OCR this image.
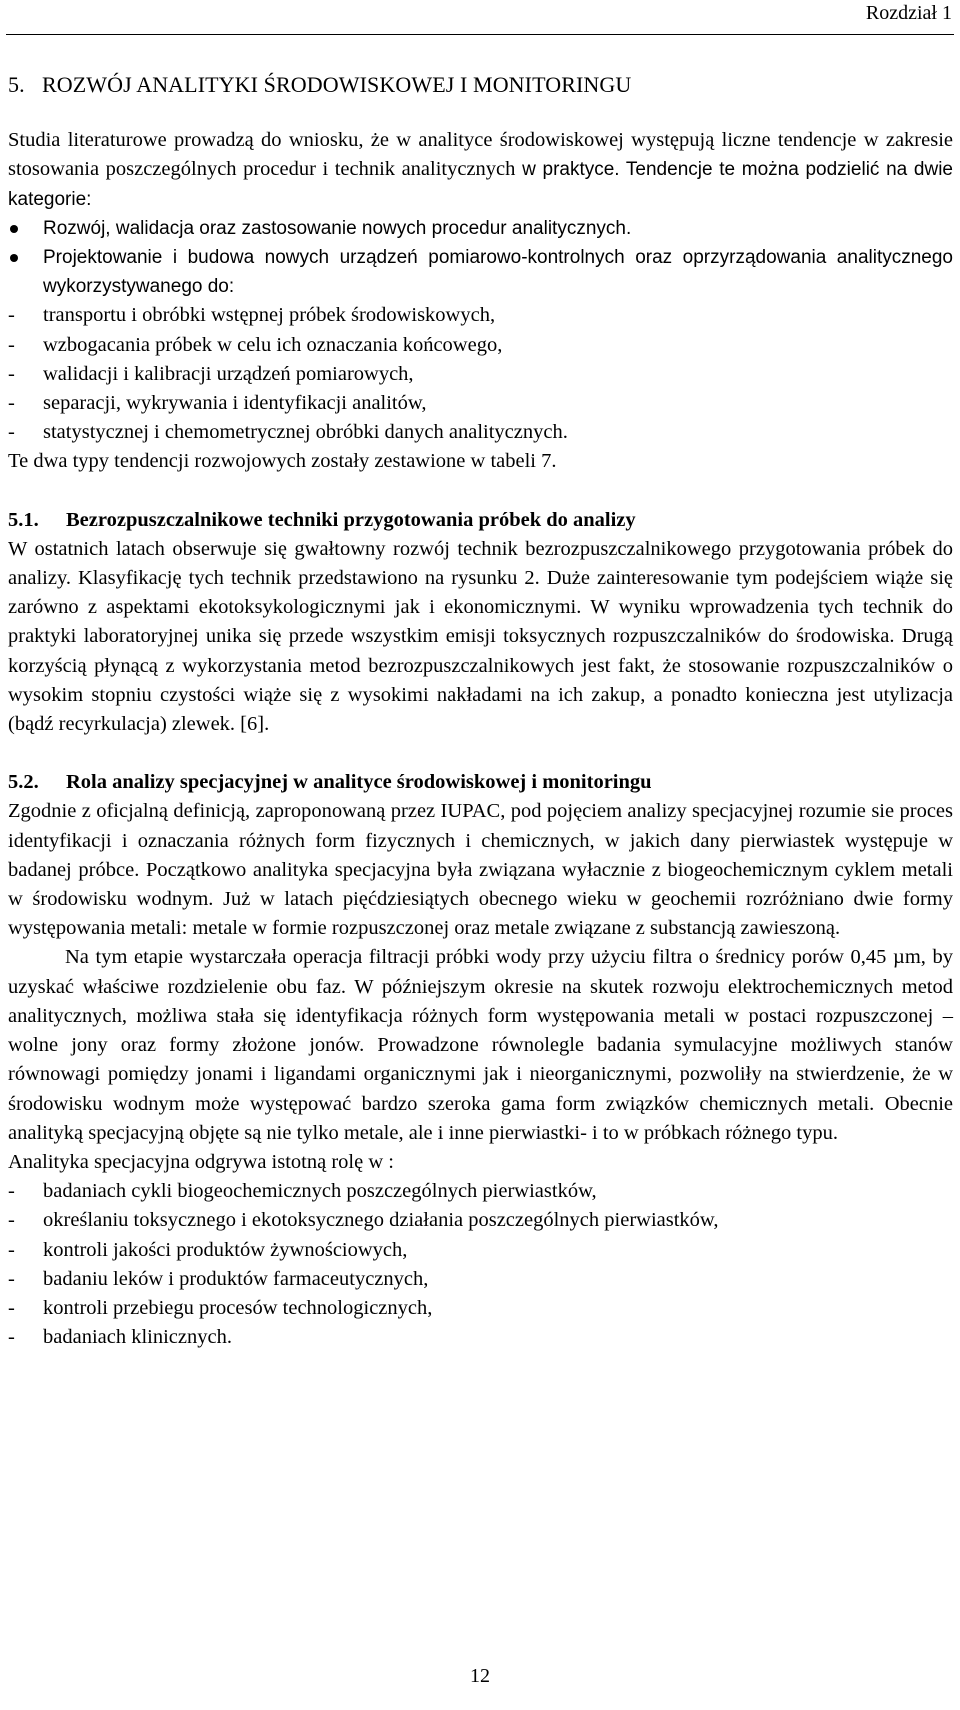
Rozdział 1
5. ROZWÓJ ANALITYKI ŚRODOWISKOWEJ I MONITORINGU

Studia literaturowe prowadzą do wniosku, że w analityce środowiskowej występują liczne tendencje w zakresie stosowania poszczególnych procedur i technik analitycznych w praktyce. Tendencje te można podzielić na dwie kategorie:

Rozwój, walidacja oraz zastosowanie nowych procedur analitycznych.
Projektowanie i budowa nowych urządzeń pomiarowo-kontrolnych oraz oprzyrządowania analitycznego wykorzystywanego do:
- transportu i obróbki wstępnej próbek środowiskowych,
- wzbogacania próbek w celu ich oznaczania końcowego,
- walidacji i kalibracji urządzeń pomiarowych,
- separacji, wykrywania i identyfikacji analitów,
- statystycznej i chemometrycznej obróbki danych analitycznych.

Te dwa typy tendencji rozwojowych zostały zestawione w tabeli 7.

5.1. Bezrozpuszczalnikowe techniki przygotowania próbek do analizy

W ostatnich latach obserwuje się gwałtowny rozwój technik bezrozpuszczalnikowego przygotowania próbek do analizy. Klasyfikację tych technik przedstawiono na rysunku 2. Duże zainteresowanie tym podejściem wiąże się zarówno z aspektami ekotoksykologicznymi jak i ekonomicznymi. W wyniku wprowadzenia tych technik do praktyki laboratoryjnej unika się przede wszystkim emisji toksycznych rozpuszczalników do środowiska. Drugą korzyścią płynącą z wykorzystania metod bezrozpuszczalnikowych jest fakt, że stosowanie rozpuszczalników o wysokim stopniu czystości wiąże się z wysokimi nakładami na ich zakup, a ponadto konieczna jest utylizacja (bądź recyrkulacja) zlewek. [6].

5.2. Rola analizy specjacyjnej w analityce środowiskowej i monitoringu

Zgodnie z oficjalną definicją, zaproponowaną przez IUPAC, pod pojęciem analizy specjacyjnej rozumie sie proces identyfikacji i oznaczania różnych form fizycznych i chemicznych, w jakich dany pierwiastek występuje w badanej próbce. Początkowo analityka specjacyjna była związana wyłacznie z biogeochemicznym cyklem metali w środowisku wodnym. Już w latach pięćdziesiątych obecnego wieku w geochemii rozróżniano dwie formy występowania metali: metale w formie rozpuszczonej oraz metale związane z substancją zawieszoną.

Na tym etapie wystarczała operacja filtracji próbki wody przy użyciu filtra o średnicy porów 0,45 µm, by uzyskać właściwe rozdzielenie obu faz. W późniejszym okresie na skutek rozwoju elektrochemicznych metod analitycznych, możliwa stała się identyfikacja różnych form występowania metali w postaci rozpuszczonej – wolne jony oraz formy złożone jonów. Prowadzone równolegle badania symulacyjne możliwych stanów równowagi pomiędzy jonami i ligandami organicznymi jak i nieorganicznymi, pozwoliły na stwierdzenie, że w środowisku wodnym może występować bardzo szeroka gama form związków chemicznych metali. Obecnie analityką specjacyjną objęte są nie tylko metale, ale i inne pierwiastki- i to w próbkach różnego typu.

Analityka specjacyjna odgrywa istotną rolę w :

- badaniach cykli biogeochemicznych poszczególnych pierwiastków,
- określaniu toksycznego i ekotoksycznego działania poszczególnych pierwiastków,
- kontroli jakości produktów żywnościowych,
- badaniu leków i produktów farmaceutycznych,
- kontroli przebiegu procesów technologicznych,
- badaniach klinicznych.
12
